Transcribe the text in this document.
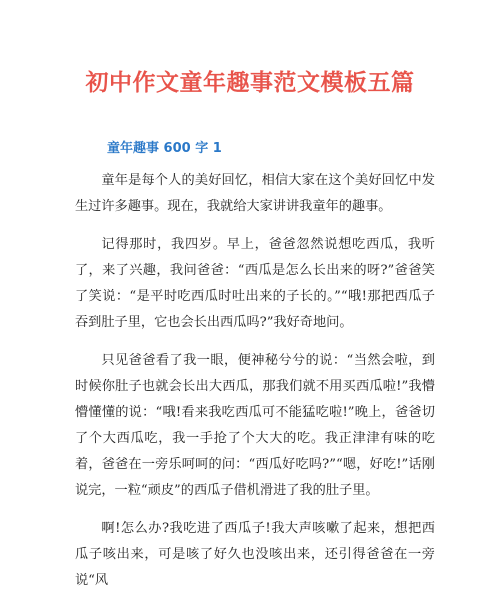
初中作文童年趣事范文模板五篇
童年趣事 600 字 1

童年是每个人的美好回忆，相信大家在这个美好回忆中发生过许多趣事。现在，我就给大家讲讲我童年的趣事。

记得那时，我四岁。早上，爸爸忽然说想吃西瓜，我听了，来了兴趣，我问爸爸：“西瓜是怎么长出来的呀?”爸爸笑了笑说：“是平时吃西瓜时吐出来的子长的。”“哦!那把西瓜子吞到肚子里，它也会长出西瓜吗?”我好奇地问。

只见爸爸看了我一眼，便神秘兮兮的说：“当然会啦，到时候你肚子也就会长出大西瓜，那我们就不用买西瓜啦!”我懵懵懂懂的说：“哦!看来我吃西瓜可不能猛吃啦!”晚上，爸爸切了个大西瓜吃，我一手抢了个大大的吃。我正津津有味的吃着，爸爸在一旁乐呵呵的问：“西瓜好吃吗?”“嗯，好吃!”话刚说完，一粒“顽皮”的西瓜子借机滑进了我的肚子里。

啊!怎么办?我吃进了西瓜子!我大声咳嗽了起来，想把西瓜子咳出来，可是咳了好久也没咳出来，还引得爸爸在一旁说“风
